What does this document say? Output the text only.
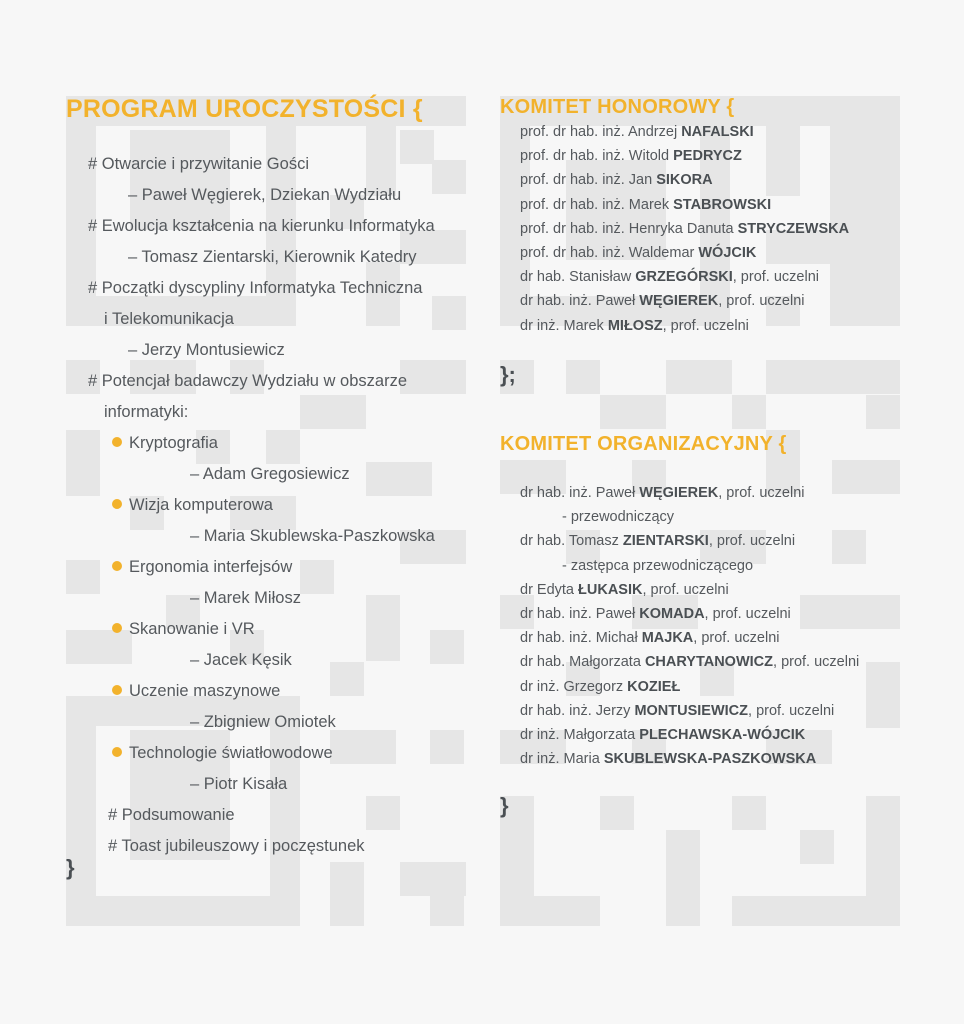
PROGRAM UROCZYSTOŚCI {
# Otwarcie i przywitanie Gości
– Paweł Węgierek, Dziekan Wydziału
# Ewolucja kształcenia na kierunku Informatyka
– Tomasz Zientarski, Kierownik Katedry
# Początki dyscypliny Informatyka Techniczna
i Telekomunikacja
– Jerzy Montusiewicz
# Potencjał badawczy Wydziału w obszarze
informatyki:
Kryptografia
– Adam Gregosiewicz
Wizja komputerowa
– Maria Skublewska-Paszkowska
Ergonomia interfejsów
– Marek Miłosz
Skanowanie i VR
– Jacek Kęsik
Uczenie maszynowe
– Zbigniew Omiotek
Technologie światłowodowe
– Piotr Kisała
# Podsumowanie
# Toast jubileuszowy i poczęstunek
}
KOMITET HONOROWY {
prof. dr hab. inż. Andrzej NAFALSKI
prof. dr hab. inż. Witold PEDRYCZ
prof. dr hab. inż. Jan SIKORA
prof. dr hab. inż. Marek STABROWSKI
prof. dr hab. inż. Henryka Danuta STRYCZEWSKA
prof. dr hab. inż. Waldemar WÓJCIK
dr hab. Stanisław GRZEGÓRSKI, prof. uczelni
dr hab. inż. Paweł WĘGIEREK, prof. uczelni
dr inż. Marek MIŁOSZ, prof. uczelni
};
KOMITET ORGANIZACYJNY {
dr hab. inż. Paweł WĘGIEREK, prof. uczelni
- przewodniczący
dr hab. Tomasz ZIENTARSKI, prof. uczelni
- zastępca przewodniczącego
dr Edyta ŁUKASIK, prof. uczelni
dr hab. inż. Paweł KOMADA, prof. uczelni
dr hab. inż. Michał MAJKA, prof. uczelni
dr hab. Małgorzata CHARYTANOWICZ, prof. uczelni
dr inż. Grzegorz KOZIEŁ
dr hab. inż. Jerzy MONTUSIEWICZ, prof. uczelni
dr inż. Małgorzata PLECHAWSKA-WÓJCIK
dr inż. Maria SKUBLEWSKA-PASZKOWSKA
}
